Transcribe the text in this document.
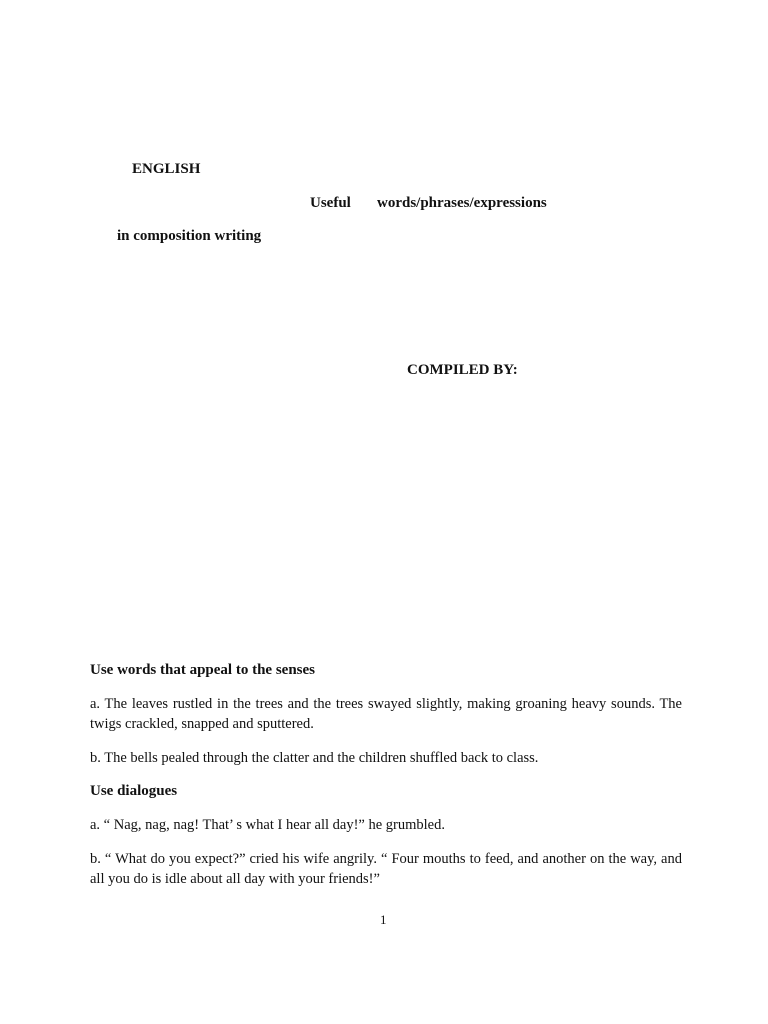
ENGLISH
Useful words/phrases/expressions
in composition writing
COMPILED BY:
Use words that appeal to the senses
a. The leaves rustled in the trees and the trees swayed slightly, making groaning heavy sounds. The twigs crackled, snapped and sputtered.
b. The bells pealed through the clatter and the children shuffled back to class.
Use dialogues
a. “ Nag, nag, nag! That’ s what I hear all day!” he grumbled.
b. “ What do you expect?” cried his wife angrily. “ Four mouths to feed, and another on the way, and all you do is idle about all day with your friends!”
1
